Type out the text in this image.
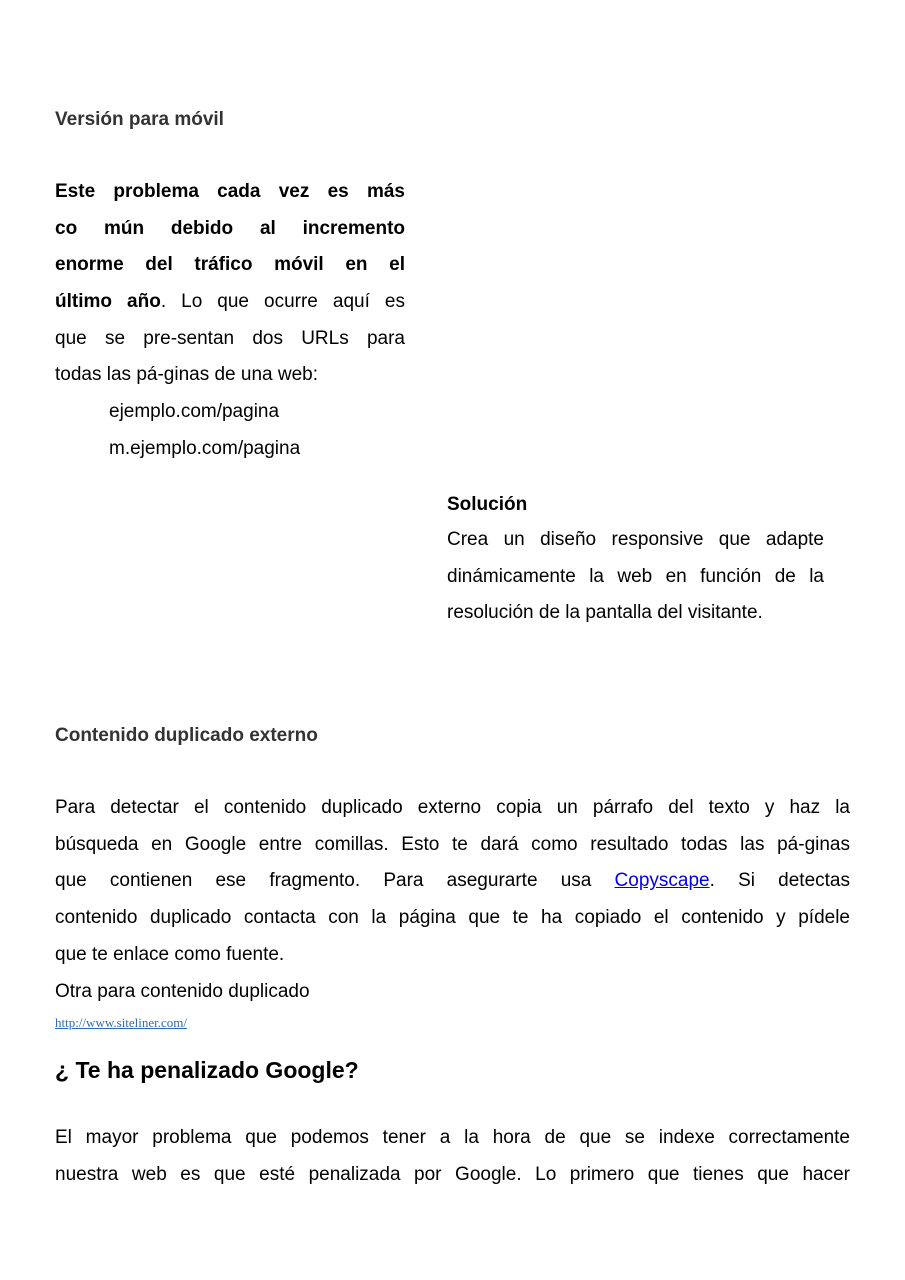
Versión para móvil
Este problema cada vez es más
co mún debido al incremento
enorme del tráfico móvil en el
último año. Lo que ocurre aquí es
que se pre-sentan dos URLs para
todas las pá-ginas de una web:
ejemplo.com/pagina
m.ejemplo.com/pagina
Solución
Crea un diseño responsive que adapte
dinámicamente la web en función de la
resolución de la pantalla del visitante.
Contenido duplicado externo
Para detectar el contenido duplicado externo copia un párrafo del texto y haz la
búsqueda en Google entre comillas. Esto te dará como resultado todas las pá-ginas
que contienen ese fragmento. Para asegurarte usa Copyscape. Si detectas
contenido duplicado contacta con la página que te ha copiado el contenido y pídele
que te enlace como fuente.
Otra para contenido duplicado
http://www.siteliner.com/
¿ Te ha penalizado Google?
El mayor problema que podemos tener a la hora de que se indexe correctamente
nuestra web es que esté penalizada por Google. Lo primero que tienes que hacer
